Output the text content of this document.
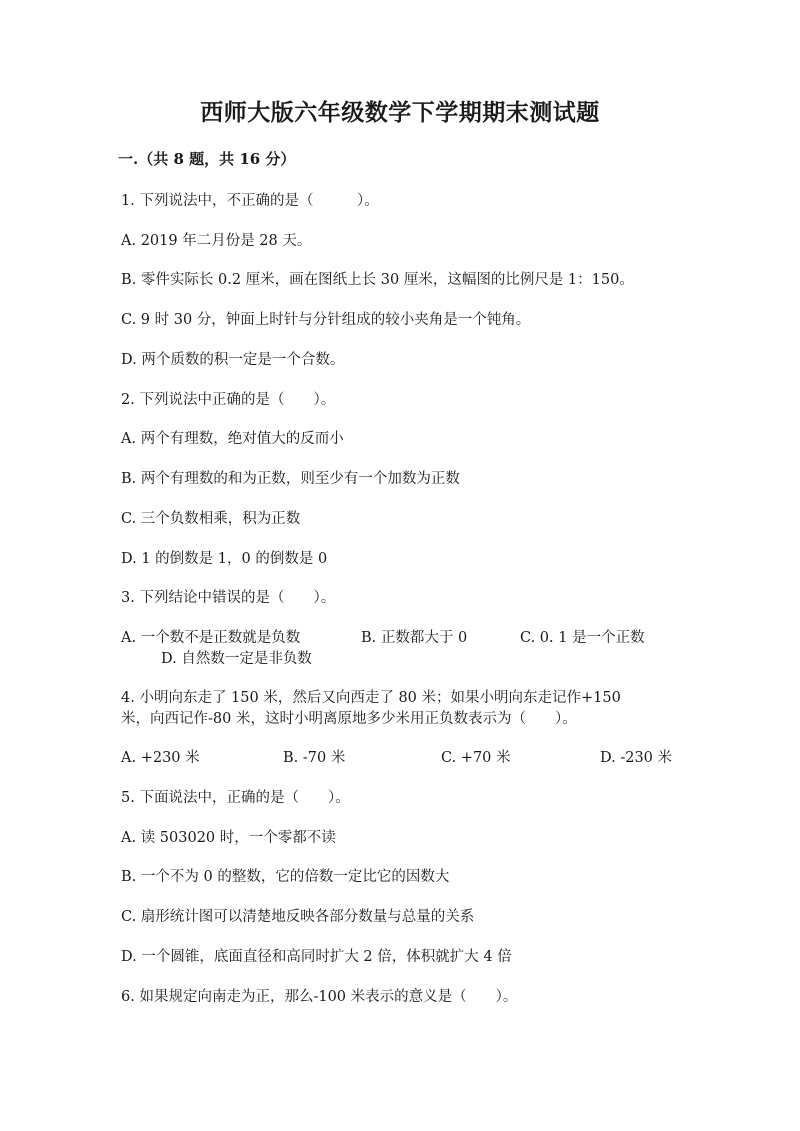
西师大版六年级数学下学期期末测试题
一.（共 8 题，共 16 分）
1. 下列说法中，不正确的是（　　　）。
A. 2019 年二月份是 28 天。
B. 零件实际长 0.2 厘米，画在图纸上长 30 厘米，这幅图的比例尺是 1：150。
C. 9 时 30 分，钟面上时针与分针组成的较小夹角是一个钝角。
D. 两个质数的积一定是一个合数。
2. 下列说法中正确的是（　　）。
A. 两个有理数，绝对值大的反而小
B. 两个有理数的和为正数，则至少有一个加数为正数
C. 三个负数相乘，积为正数
D. 1 的倒数是 1，0 的倒数是 0
3. 下列结论中错误的是（　　）。
A. 一个数不是正数就是负数	B. 正数都大于 0	C. 0. 1 是一个正数
D. 自然数一定是非负数
4. 小明向东走了 150 米，然后又向西走了 80 米；如果小明向东走记作+150
米，向西记作-80 米，这时小明离原地多少米用正负数表示为（　　）。
A. +230 米	B. -70 米	C. +70 米	D. -230 米
5. 下面说法中，正确的是（　　）。
A. 读 503020 时，一个零都不读
B. 一个不为 0 的整数，它的倍数一定比它的因数大
C. 扇形统计图可以清楚地反映各部分数量与总量的关系
D. 一个圆锥，底面直径和高同时扩大 2 倍，体积就扩大 4 倍
6. 如果规定向南走为正，那么-100 米表示的意义是（　　）。
